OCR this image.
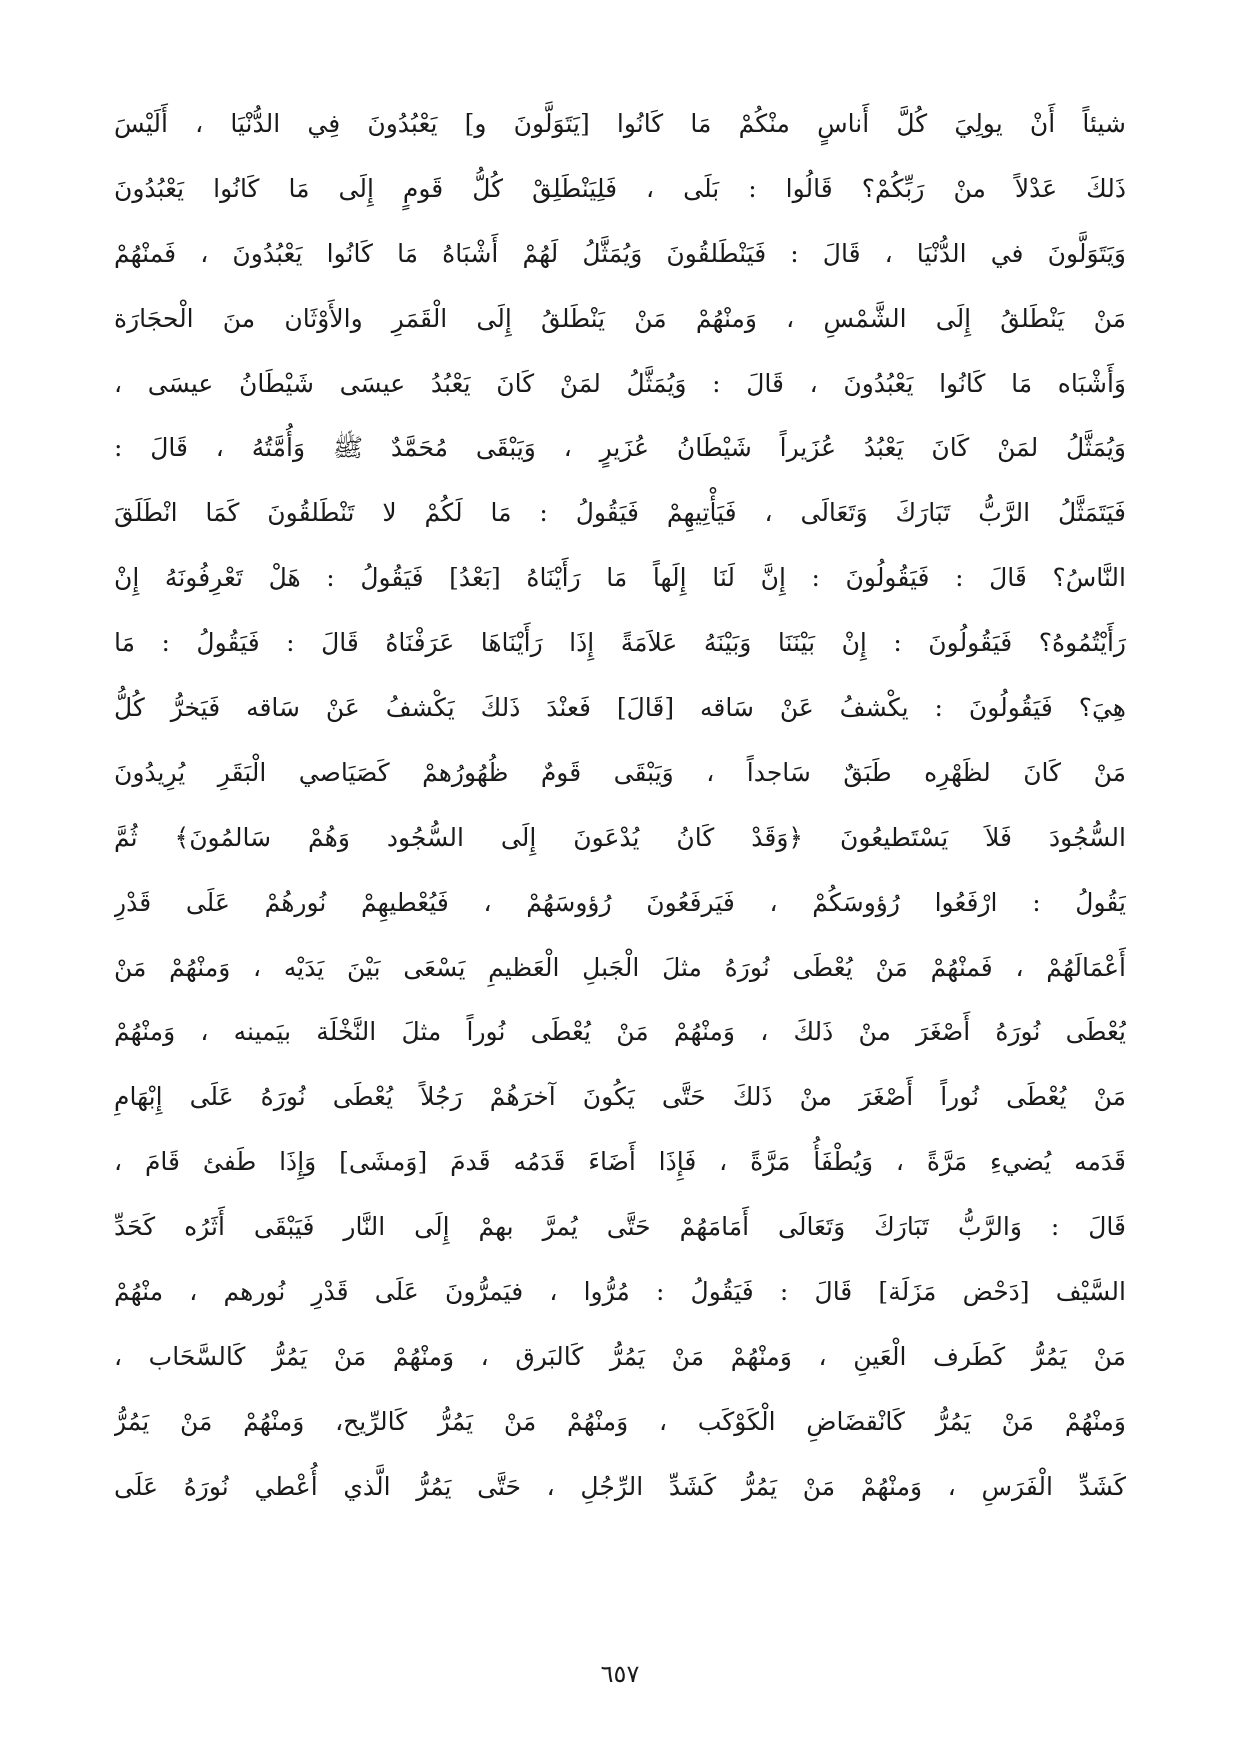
شيئاً أَنْ يولِيَ كُلَّ أَناسٍ منْكُمْ مَا كَانُوا [يَتَوَلَّونَ و] يَعْبُدُونَ فِي الدُّنْيَا ، أَلَيْسَ
ذَلكَ عَدْلاً منْ رَبِّكُمْ؟ قَالُوا : بَلَى ، فَلِيَنْطَلِقْ كُلُّ قَومٍ إِلَى مَا كَانُوا يَعْبُدُونَ
وَيَتَوَلَّونَ في الدُّنْيَا ، قَالَ : فَيَنْطَلقُونَ وَيُمَثَّلُ لَهُمْ أَشْبَاهُ مَا كَانُوا يَعْبُدُونَ ، فَمنْهُمْ
مَنْ يَنْطَلقُ إِلَى الشَّمْسِ ، وَمنْهُمْ مَنْ يَنْطَلقُ إِلَى الْقَمَرِ والأَوْثَان منَ الْحجَارَة
وَأَشْبَاه مَا كَانُوا يَعْبُدُونَ ، قَالَ : وَيُمَثَّلُ لمَنْ كَانَ يَعْبُدُ عيسَى شَيْطَانُ عيسَى ،
وَيُمَثَّلُ لمَنْ كَانَ يَعْبُدُ عُزَيراً شَيْطَانُ عُزَيرٍ ، وَيَبْقَى مُحَمَّدٌ ﷺ وَأُمَّتُهُ ، قَالَ :
فَيَتَمَثَّلُ الرَّبُّ تَبَارَكَ وَتَعَالَى ، فَيَأْتِيهِمْ فَيَقُولُ : مَا لَكُمْ لا تَنْطَلقُونَ كَمَا انْطَلَقَ
النَّاسُ؟ قَالَ : فَيَقُولُونَ : إِنَّ لَنَا إِلَهاً مَا رَأَيْنَاهُ [بَعْدُ] فَيَقُولُ : هَلْ تَعْرِفُونَهُ إِنْ
رَأَيْتُمُوهُ؟ فَيَقُولُونَ : إِنْ بَيْنَنَا وَبَيْنَهُ عَلاَمَةً إِذَا رَأَيْنَاهَا عَرَفْنَاهُ قَالَ : فَيَقُولُ : مَا
هِيَ؟ فَيَقُولُونَ : يكْشفُ عَنْ سَاقه [قَالَ] فَعنْدَ ذَلكَ يَكْشفُ عَنْ سَاقه فَيَخرُّ كُلُّ
مَنْ كَانَ لظَهْرِه طَبَقٌ سَاجداً ، وَيَبْقَى قَومٌ ظُهُورُهمْ كَصَيَاصي الْبَقَرِ يُرِيدُونَ
السُّجُودَ فَلاَ يَسْتَطيعُونَ ﴿وَقَدْ كَانُ يُدْعَونَ إِلَى السُّجُود وَهُمْ سَالمُونَ﴾ ثُمَّ
يَقُولُ : ارْفَعُوا رُؤوسَكُمْ ، فَيَرفَعُونَ رُؤوسَهُمْ ، فَيُعْطيهِمْ نُورهُمْ عَلَى قَدْرِ
أَعْمَالَهُمْ ، فَمنْهُمْ مَنْ يُعْطَى نُورَهُ مثلَ الْجَبلِ الْعَظيمِ يَسْعَى بَيْنَ يَدَيْه ، وَمنْهُمْ مَنْ
يُعْطَى نُورَهُ أَصْغَرَ منْ ذَلكَ ، وَمنْهُمْ مَنْ يُعْطَى نُوراً مثلَ النَّخْلَة بيَمينه ، وَمنْهُمْ
مَنْ يُعْطَى نُوراً أَصْغَرَ منْ ذَلكَ حَتَّى يَكُونَ آخرَهُمْ رَجُلاً يُعْطَى نُورَهُ عَلَى إِبْهَامِ
قَدَمه يُضيءِ مَرَّةً ، وَيُطْفَأُ مَرَّةً ، فَإِذَا أَضَاءَ قَدَمُه قَدمَ [وَمشَى] وَإِذَا طَفئ قَامَ ،
قَالَ : وَالرَّبُّ تَبَارَكَ وَتَعَالَى أَمَامَهُمْ حَتَّى يُمرَّ بهمْ إِلَى النَّار فَيَبْقَى أَثَرُه كَحَدِّ
السَّيْف [دَحْض مَزَلَة] قَالَ : فَيَقُولُ : مُرُّوا ، فيَمرُّونَ عَلَى قَدْرِ نُورهم ، منْهُمْ
مَنْ يَمُرُّ كَطَرف الْعَينِ ، وَمنْهُمْ مَنْ يَمُرُّ كَالبَرق ، وَمنْهُمْ مَنْ يَمُرُّ كَالسَّحَاب ،
وَمنْهُمْ مَنْ يَمُرُّ كَانْقضَاضِ الْكَوْكَب ، وَمنْهُمْ مَنْ يَمُرُّ كَالرِّيح، وَمنْهُمْ مَنْ يَمُرُّ
كَشَدِّ الْفَرَسِ ، وَمنْهُمْ مَنْ يَمُرُّ كَشَدِّ الرِّجُلِ ، حَتَّى يَمُرُّ الَّذي أُعْطي نُورَهُ عَلَى
٦٥٧
